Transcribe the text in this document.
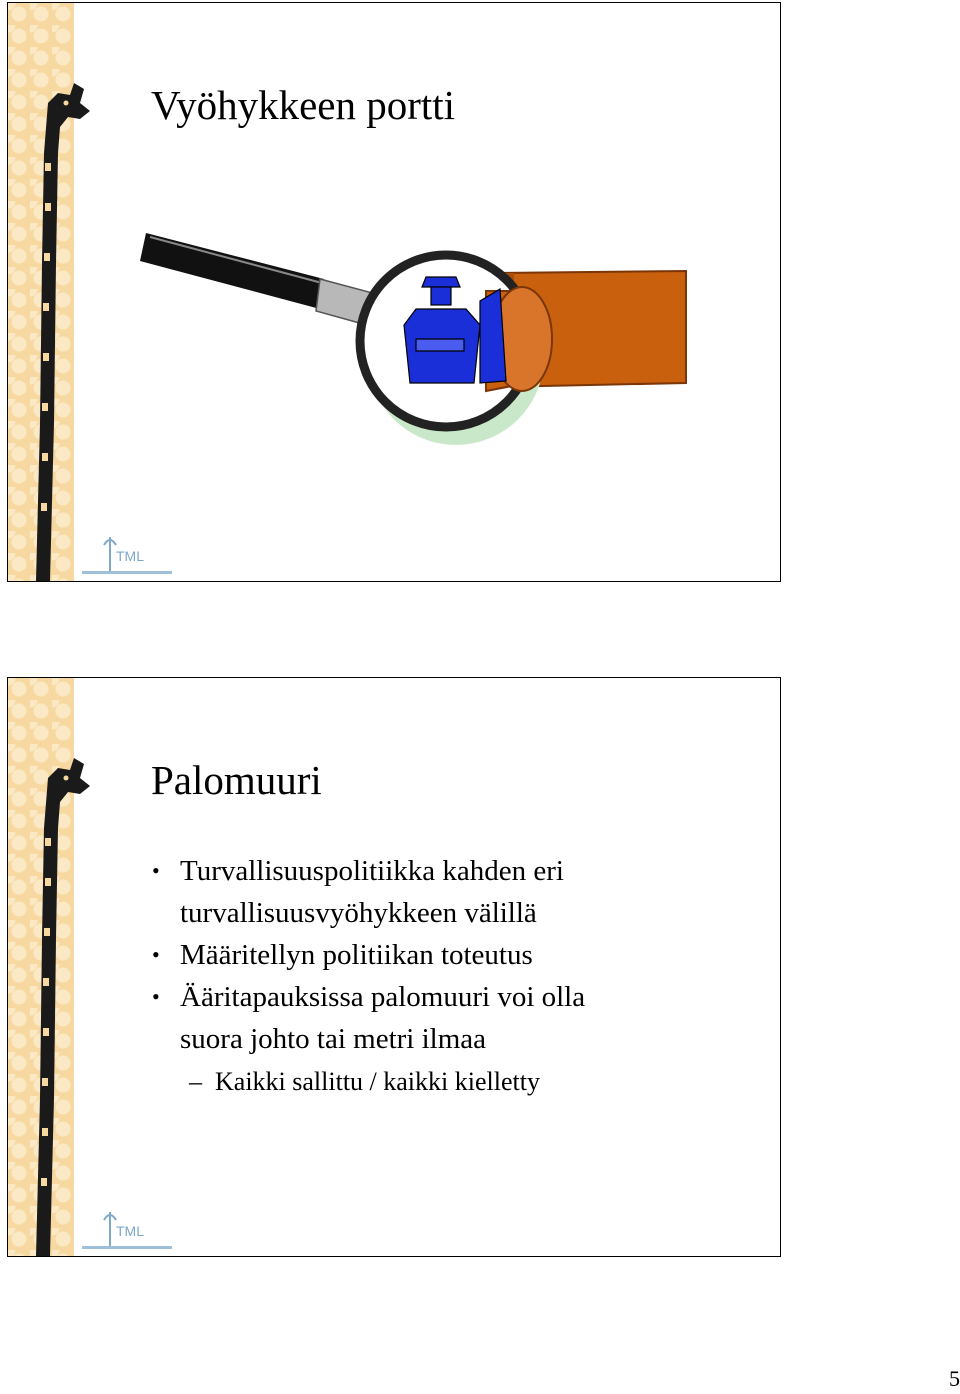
TML
Vyöhykkeen portti
TML
Palomuuri
• Turvallisuuspolitiikka kahden eri turvallisuusvyöhykkeen välillä
• Määritellyn politiikan toteutus
• Ääritapauksissa palomuuri voi olla suora johto tai metri ilmaa
– Kaikki sallittu / kaikki kielletty
5
